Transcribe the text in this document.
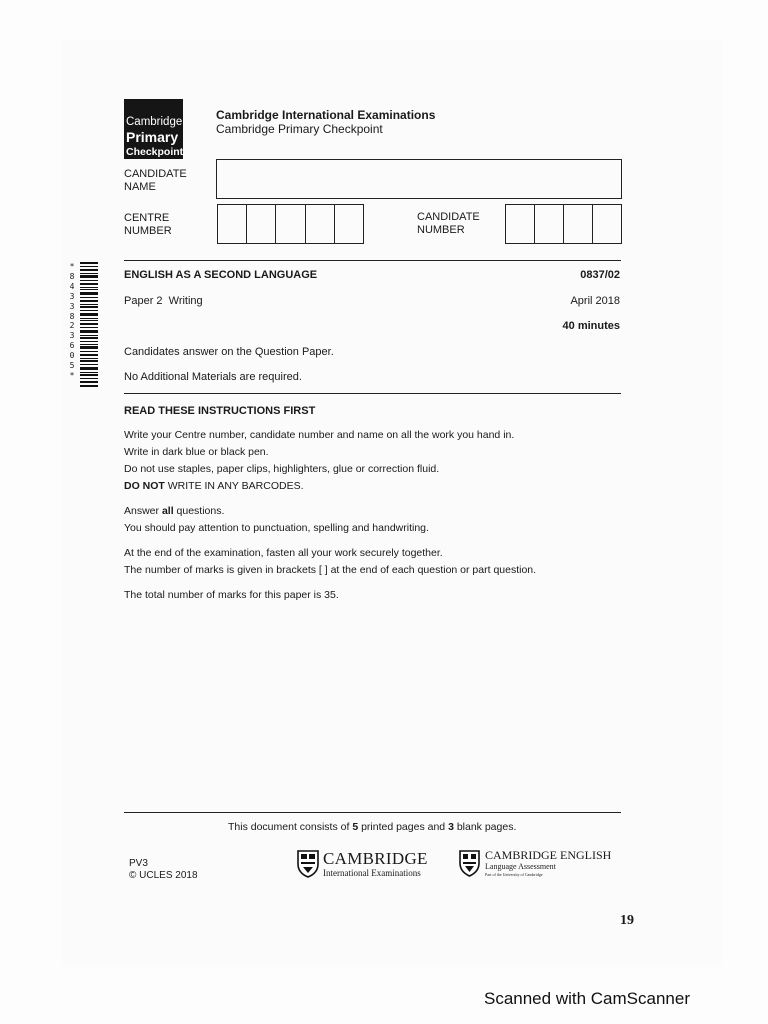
Cambridge
Primary
Checkpoint
Cambridge International Examinations
Cambridge Primary Checkpoint
CANDIDATE
NAME
CENTRE
NUMBER
CANDIDATE
NUMBER
*
8
4
3
3
8
2
3
6
0
5
*
ENGLISH AS A SECOND LANGUAGE	0837/02
Paper 2  Writing	April 2018
40 minutes
Candidates answer on the Question Paper.
No Additional Materials are required.
READ THESE INSTRUCTIONS FIRST

Write your Centre number, candidate number and name on all the work you hand in.

Write in dark blue or black pen.

Do not use staples, paper clips, highlighters, glue or correction fluid.

DO NOT WRITE IN ANY BARCODES.

Answer all questions.

You should pay attention to punctuation, spelling and handwriting.

At the end of the examination, fasten all your work securely together.

The number of marks is given in brackets [ ] at the end of each question or part question.

The total number of marks for this paper is 35.

This document consists of 5 printed pages and 3 blank pages.
PV3
© UCLES 2018
CAMBRIDGE
International Examinations
CAMBRIDGE ENGLISH
Language Assessment
Part of the University of Cambridge
19
Scanned with CamScanner
